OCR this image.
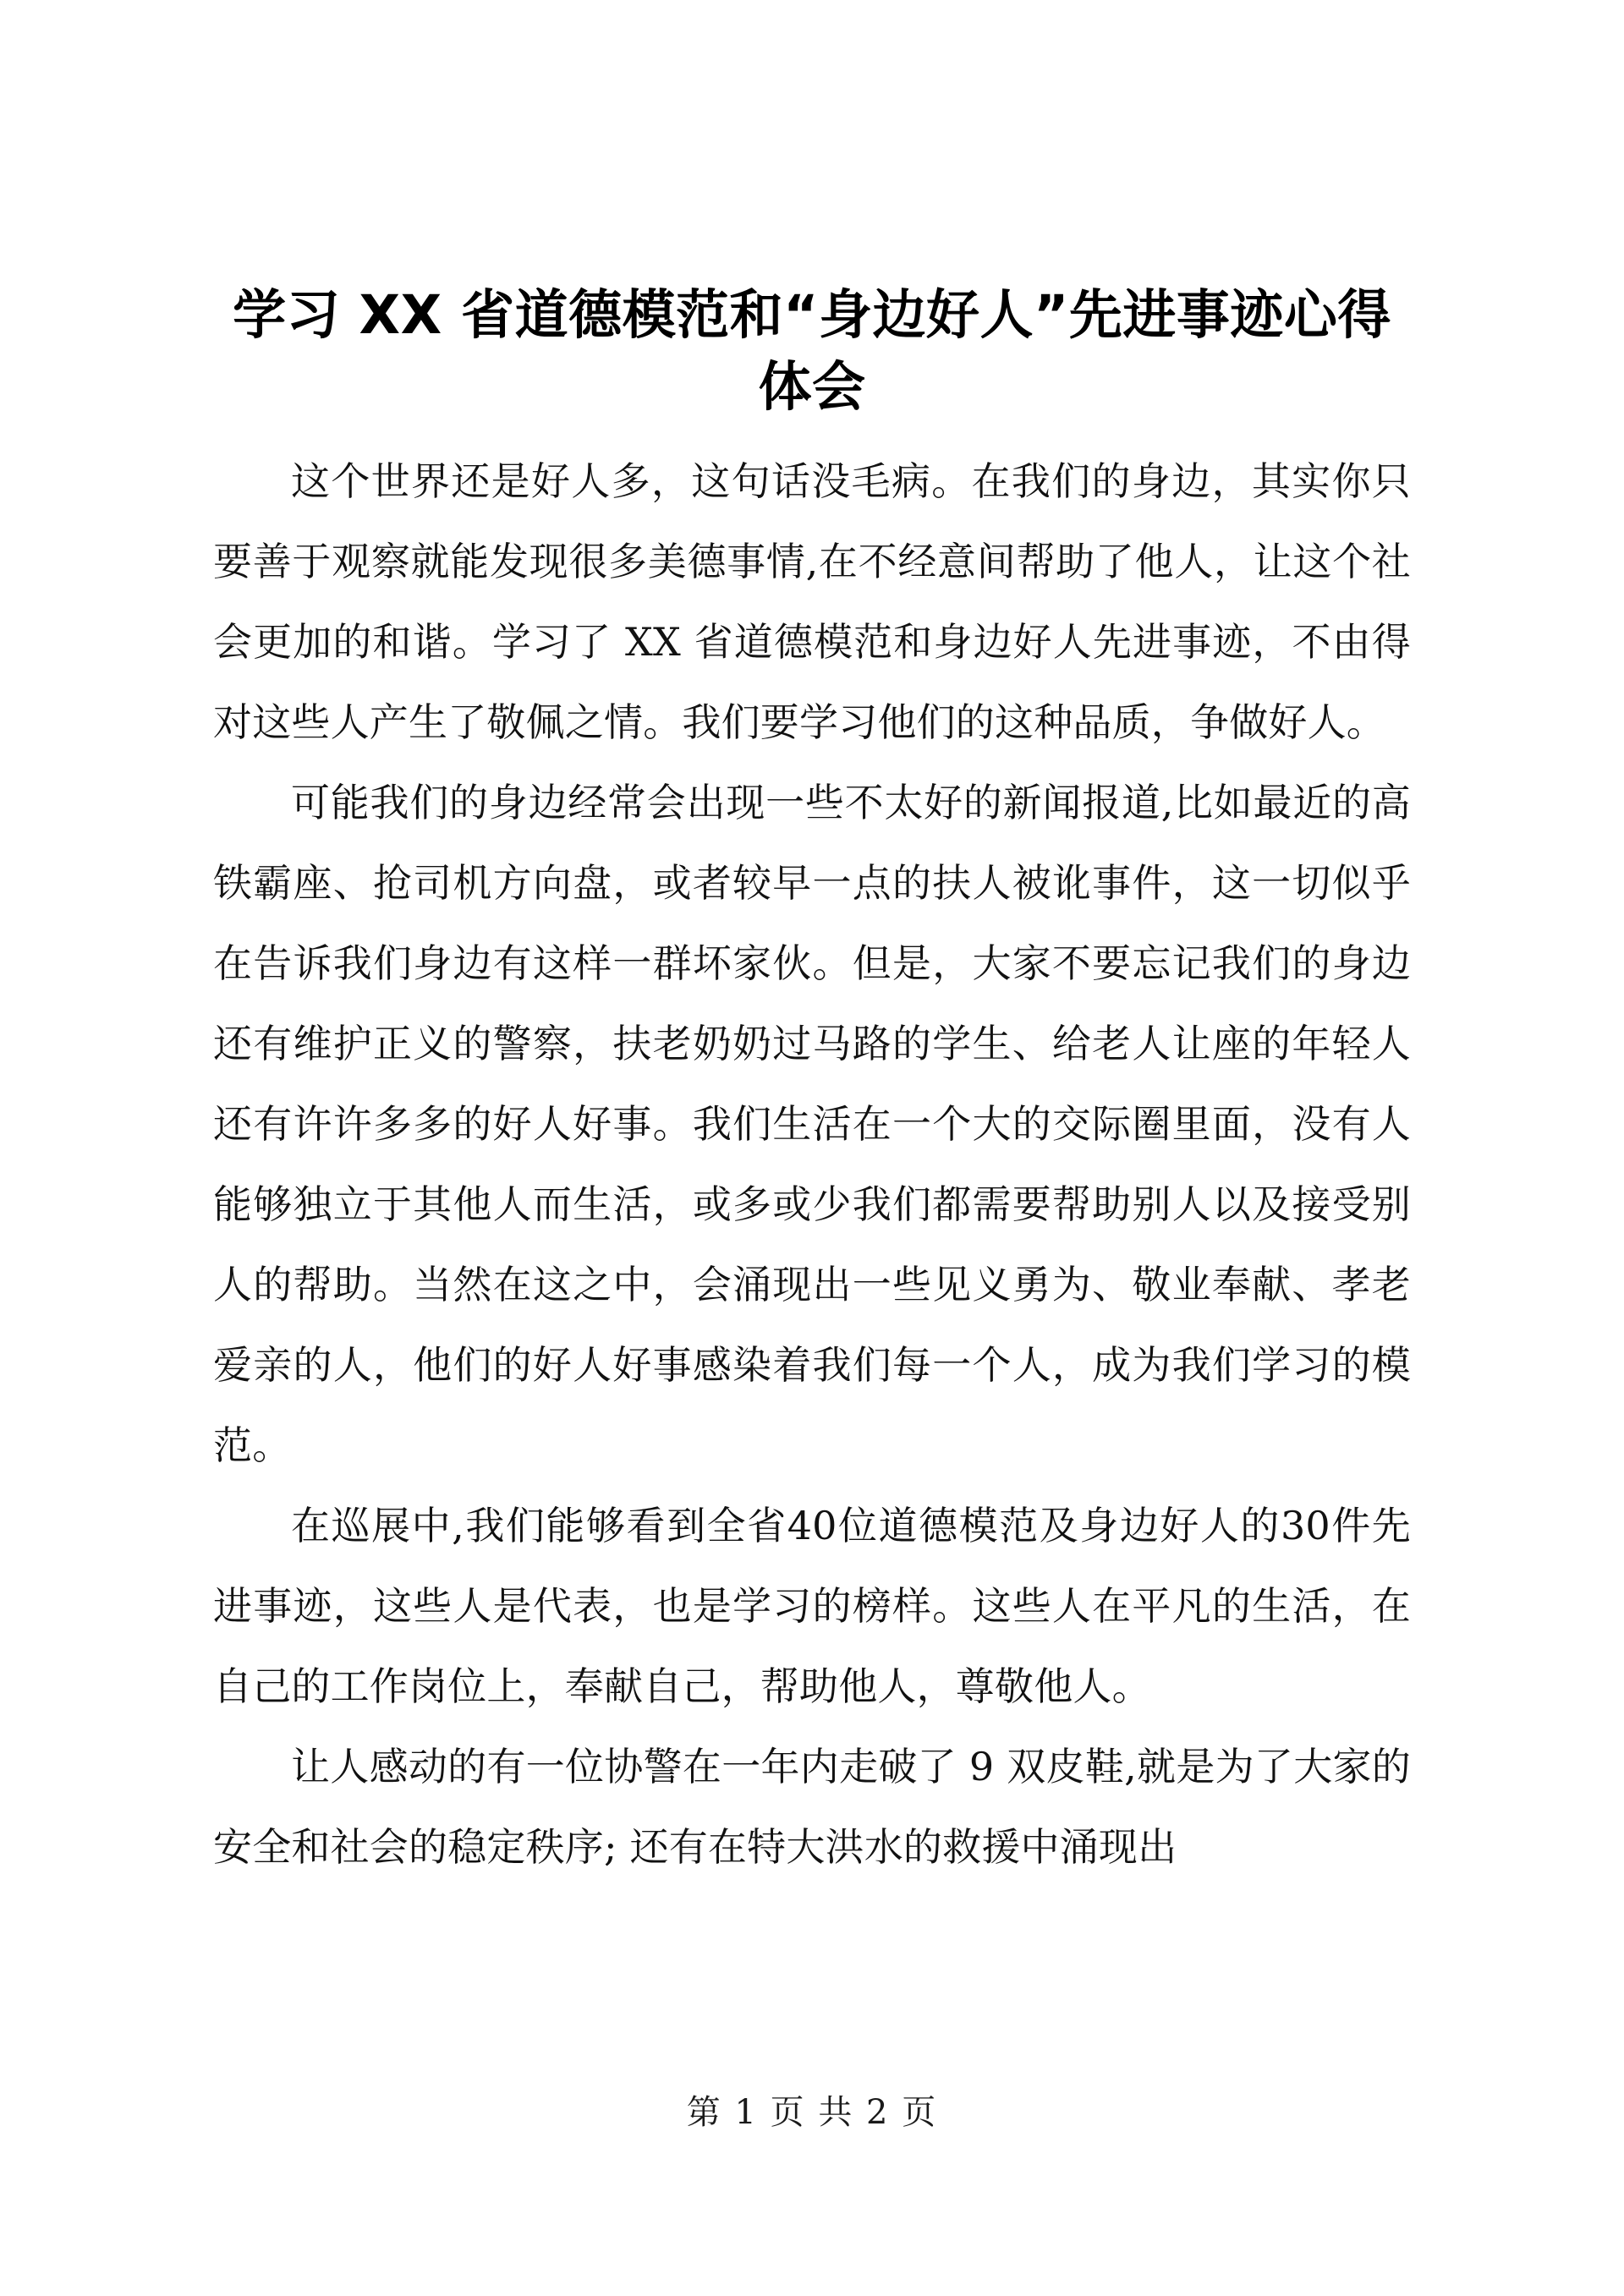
学习 XX 省道德模范和“身边好人”先进事迹心得体会

这个世界还是好人多，这句话没毛病。在我们的身边，其实你只要善于观察就能发现很多美德事情,在不经意间帮助了他人，让这个社会更加的和谐。学习了 XX 省道德模范和身边好人先进事迹，不由得对这些人产生了敬佩之情。我们要学习他们的这种品质，争做好人。

可能我们的身边经常会出现一些不太好的新闻报道,比如最近的高铁霸座、抢司机方向盘，或者较早一点的扶人被讹事件，这一切似乎在告诉我们身边有这样一群坏家伙。但是，大家不要忘记我们的身边还有维护正义的警察，扶老奶奶过马路的学生、给老人让座的年轻人还有许许多多的好人好事。我们生活在一个大的交际圈里面，没有人能够独立于其他人而生活，或多或少我们都需要帮助别人以及接受别人的帮助。当然在这之中，会涌现出一些见义勇为、敬业奉献、孝老爱亲的人，他们的好人好事感染着我们每一个人，成为我们学习的模范。

在巡展中,我们能够看到全省40位道德模范及身边好人的30件先进事迹，这些人是代表，也是学习的榜样。这些人在平凡的生活，在自己的工作岗位上，奉献自己，帮助他人，尊敬他人。

让人感动的有一位协警在一年内走破了 9 双皮鞋,就是为了大家的安全和社会的稳定秩序; 还有在特大洪水的救援中涌现出

第 1 页 共 2 页
